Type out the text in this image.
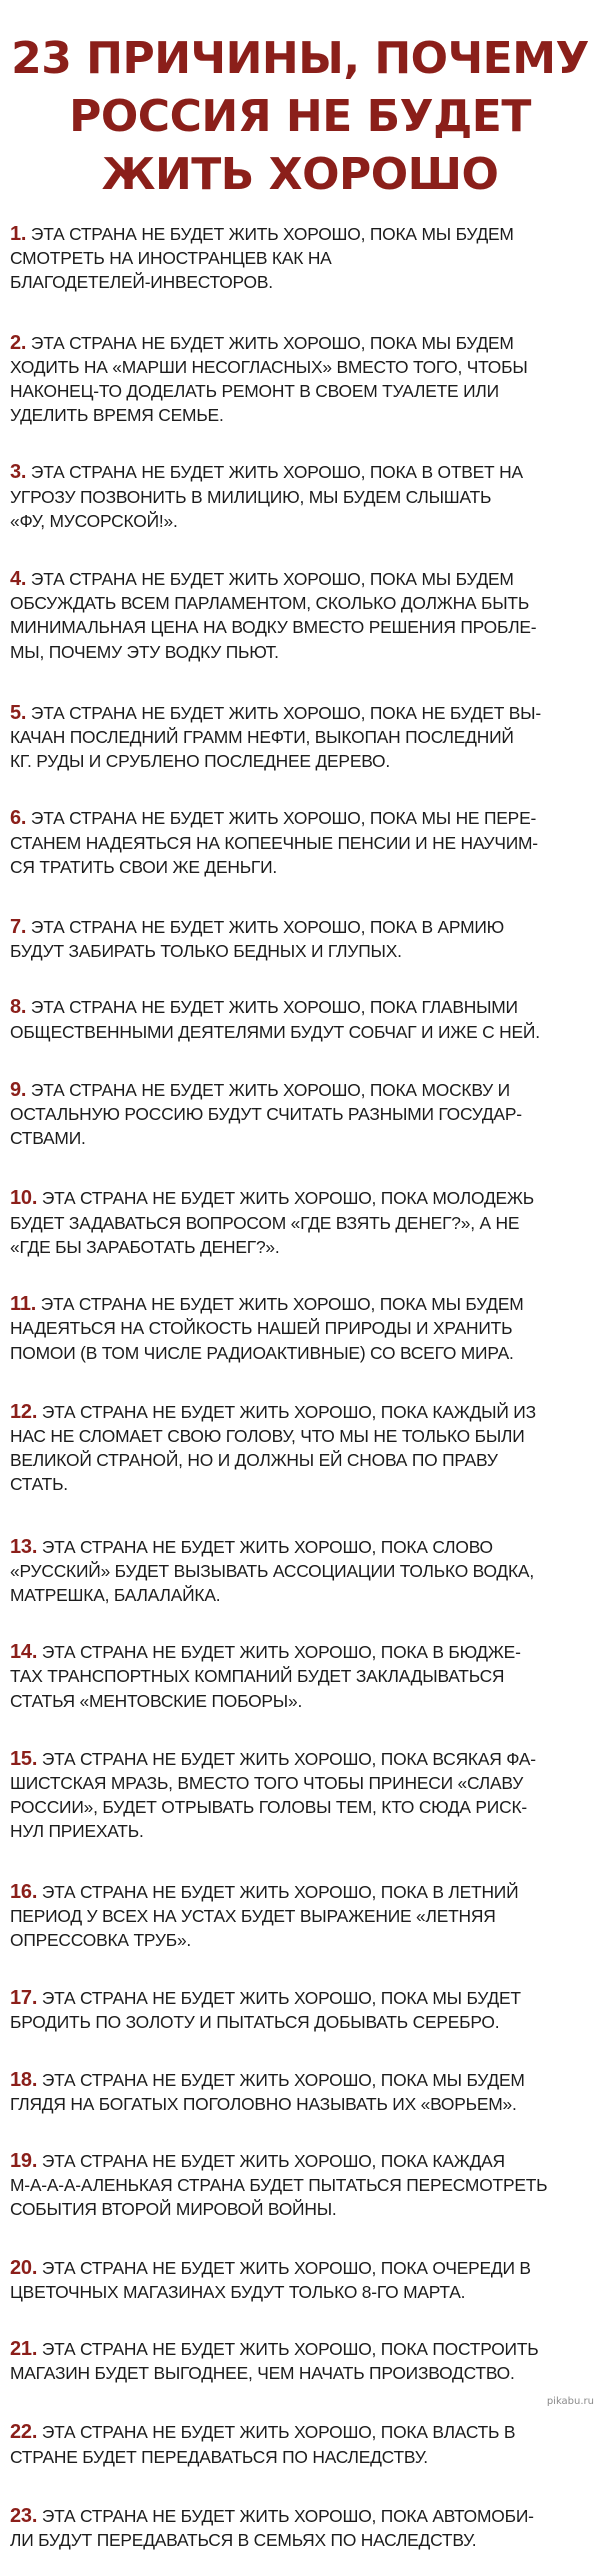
23 ПРИЧИНЫ, ПОЧЕМУ
РОССИЯ НЕ БУДЕТ
ЖИТЬ ХОРОШО
1. ЭТА СТРАНА НЕ БУДЕТ ЖИТЬ ХОРОШО, ПОКА МЫ БУДЕМ
СМОТРЕТЬ НА ИНОСТРАНЦЕВ КАК НА
БЛАГОДЕТЕЛЕЙ-ИНВЕСТОРОВ.
2. ЭТА СТРАНА НЕ БУДЕТ ЖИТЬ ХОРОШО, ПОКА МЫ БУДЕМ
ХОДИТЬ НА «МАРШИ НЕСОГЛАСНЫХ» ВМЕСТО ТОГО, ЧТОБЫ
НАКОНЕЦ-ТО ДОДЕЛАТЬ РЕМОНТ В СВОЕМ ТУАЛЕТЕ ИЛИ
УДЕЛИТЬ ВРЕМЯ СЕМЬЕ.
3. ЭТА СТРАНА НЕ БУДЕТ ЖИТЬ ХОРОШО, ПОКА В ОТВЕТ НА
УГРОЗУ ПОЗВОНИТЬ В МИЛИЦИЮ, МЫ БУДЕМ СЛЫШАТЬ
«ФУ, МУСОРСКОЙ!».
4. ЭТА СТРАНА НЕ БУДЕТ ЖИТЬ ХОРОШО, ПОКА МЫ БУДЕМ
ОБСУЖДАТЬ ВСЕМ ПАРЛАМЕНТОМ, СКОЛЬКО ДОЛЖНА БЫТЬ
МИНИМАЛЬНАЯ ЦЕНА НА ВОДКУ ВМЕСТО РЕШЕНИЯ ПРОБЛЕ-
МЫ, ПОЧЕМУ ЭТУ ВОДКУ ПЬЮТ.
5. ЭТА СТРАНА НЕ БУДЕТ ЖИТЬ ХОРОШО, ПОКА НЕ БУДЕТ ВЫ-
КАЧАН ПОСЛЕДНИЙ ГРАММ НЕФТИ, ВЫКОПАН ПОСЛЕДНИЙ
КГ. РУДЫ И СРУБЛЕНО ПОСЛЕДНЕЕ ДЕРЕВО.
6. ЭТА СТРАНА НЕ БУДЕТ ЖИТЬ ХОРОШО, ПОКА МЫ НЕ ПЕРЕ-
СТАНЕМ НАДЕЯТЬСЯ НА КОПЕЕЧНЫЕ ПЕНСИИ И НЕ НАУЧИМ-
СЯ ТРАТИТЬ СВОИ ЖЕ ДЕНЬГИ.
7. ЭТА СТРАНА НЕ БУДЕТ ЖИТЬ ХОРОШО, ПОКА В АРМИЮ
БУДУТ ЗАБИРАТЬ ТОЛЬКО БЕДНЫХ И ГЛУПЫХ.
8. ЭТА СТРАНА НЕ БУДЕТ ЖИТЬ ХОРОШО, ПОКА ГЛАВНЫМИ
ОБЩЕСТВЕННЫМИ ДЕЯТЕЛЯМИ БУДУТ СОБЧАГ И ИЖЕ С НЕЙ.
9. ЭТА СТРАНА НЕ БУДЕТ ЖИТЬ ХОРОШО, ПОКА МОСКВУ И
ОСТАЛЬНУЮ РОССИЮ БУДУТ СЧИТАТЬ РАЗНЫМИ ГОСУДАР-
СТВАМИ.
10. ЭТА СТРАНА НЕ БУДЕТ ЖИТЬ ХОРОШО, ПОКА МОЛОДЕЖЬ
БУДЕТ ЗАДАВАТЬСЯ ВОПРОСОМ «ГДЕ ВЗЯТЬ ДЕНЕГ?», А НЕ
«ГДЕ БЫ ЗАРАБОТАТЬ ДЕНЕГ?».
11. ЭТА СТРАНА НЕ БУДЕТ ЖИТЬ ХОРОШО, ПОКА МЫ БУДЕМ
НАДЕЯТЬСЯ НА СТОЙКОСТЬ НАШЕЙ ПРИРОДЫ И ХРАНИТЬ
ПОМОИ (В ТОМ ЧИСЛЕ РАДИОАКТИВНЫЕ) СО ВСЕГО МИРА.
12. ЭТА СТРАНА НЕ БУДЕТ ЖИТЬ ХОРОШО, ПОКА КАЖДЫЙ ИЗ
НАС НЕ СЛОМАЕТ СВОЮ ГОЛОВУ, ЧТО МЫ НЕ ТОЛЬКО БЫЛИ
ВЕЛИКОЙ СТРАНОЙ, НО И ДОЛЖНЫ ЕЙ СНОВА ПО ПРАВУ
СТАТЬ.
13. ЭТА СТРАНА НЕ БУДЕТ ЖИТЬ ХОРОШО, ПОКА СЛОВО
«РУССКИЙ» БУДЕТ ВЫЗЫВАТЬ АССОЦИАЦИИ ТОЛЬКО ВОДКА,
МАТРЕШКА, БАЛАЛАЙКА.
14. ЭТА СТРАНА НЕ БУДЕТ ЖИТЬ ХОРОШО, ПОКА В БЮДЖЕ-
ТАХ ТРАНСПОРТНЫХ КОМПАНИЙ БУДЕТ ЗАКЛАДЫВАТЬСЯ
СТАТЬЯ «МЕНТОВСКИЕ ПОБОРЫ».
15. ЭТА СТРАНА НЕ БУДЕТ ЖИТЬ ХОРОШО, ПОКА ВСЯКАЯ ФА-
ШИСТСКАЯ МРАЗЬ, ВМЕСТО ТОГО ЧТОБЫ ПРИНЕСИ «СЛАВУ
РОССИИ», БУДЕТ ОТРЫВАТЬ ГОЛОВЫ ТЕМ, КТО СЮДА РИСК-
НУЛ ПРИЕХАТЬ.
16. ЭТА СТРАНА НЕ БУДЕТ ЖИТЬ ХОРОШО, ПОКА В ЛЕТНИЙ
ПЕРИОД У ВСЕХ НА УСТАХ БУДЕТ ВЫРАЖЕНИЕ «ЛЕТНЯЯ
ОПРЕССОВКА ТРУБ».
17. ЭТА СТРАНА НЕ БУДЕТ ЖИТЬ ХОРОШО, ПОКА МЫ БУДЕТ
БРОДИТЬ ПО ЗОЛОТУ И ПЫТАТЬСЯ ДОБЫВАТЬ СЕРЕБРО.
18. ЭТА СТРАНА НЕ БУДЕТ ЖИТЬ ХОРОШО, ПОКА МЫ БУДЕМ
ГЛЯДЯ НА БОГАТЫХ ПОГОЛОВНО НАЗЫВАТЬ ИХ «ВОРЬЕМ».
19. ЭТА СТРАНА НЕ БУДЕТ ЖИТЬ ХОРОШО, ПОКА КАЖДАЯ
М-А-А-А-АЛЕНЬКАЯ СТРАНА БУДЕТ ПЫТАТЬСЯ ПЕРЕСМОТРЕТЬ
СОБЫТИЯ ВТОРОЙ МИРОВОЙ ВОЙНЫ.
20. ЭТА СТРАНА НЕ БУДЕТ ЖИТЬ ХОРОШО, ПОКА ОЧЕРЕДИ В
ЦВЕТОЧНЫХ МАГАЗИНАХ БУДУТ ТОЛЬКО 8-ГО МАРТА.
21. ЭТА СТРАНА НЕ БУДЕТ ЖИТЬ ХОРОШО, ПОКА ПОСТРОИТЬ
МАГАЗИН БУДЕТ ВЫГОДНЕЕ, ЧЕМ НАЧАТЬ ПРОИЗВОДСТВО.
22. ЭТА СТРАНА НЕ БУДЕТ ЖИТЬ ХОРОШО, ПОКА ВЛАСТЬ В
СТРАНЕ БУДЕТ ПЕРЕДАВАТЬСЯ ПО НАСЛЕДСТВУ.
23. ЭТА СТРАНА НЕ БУДЕТ ЖИТЬ ХОРОШО, ПОКА АВТОМОБИ-
ЛИ БУДУТ ПЕРЕДАВАТЬСЯ В СЕМЬЯХ ПО НАСЛЕДСТВУ.
pikabu.ru
